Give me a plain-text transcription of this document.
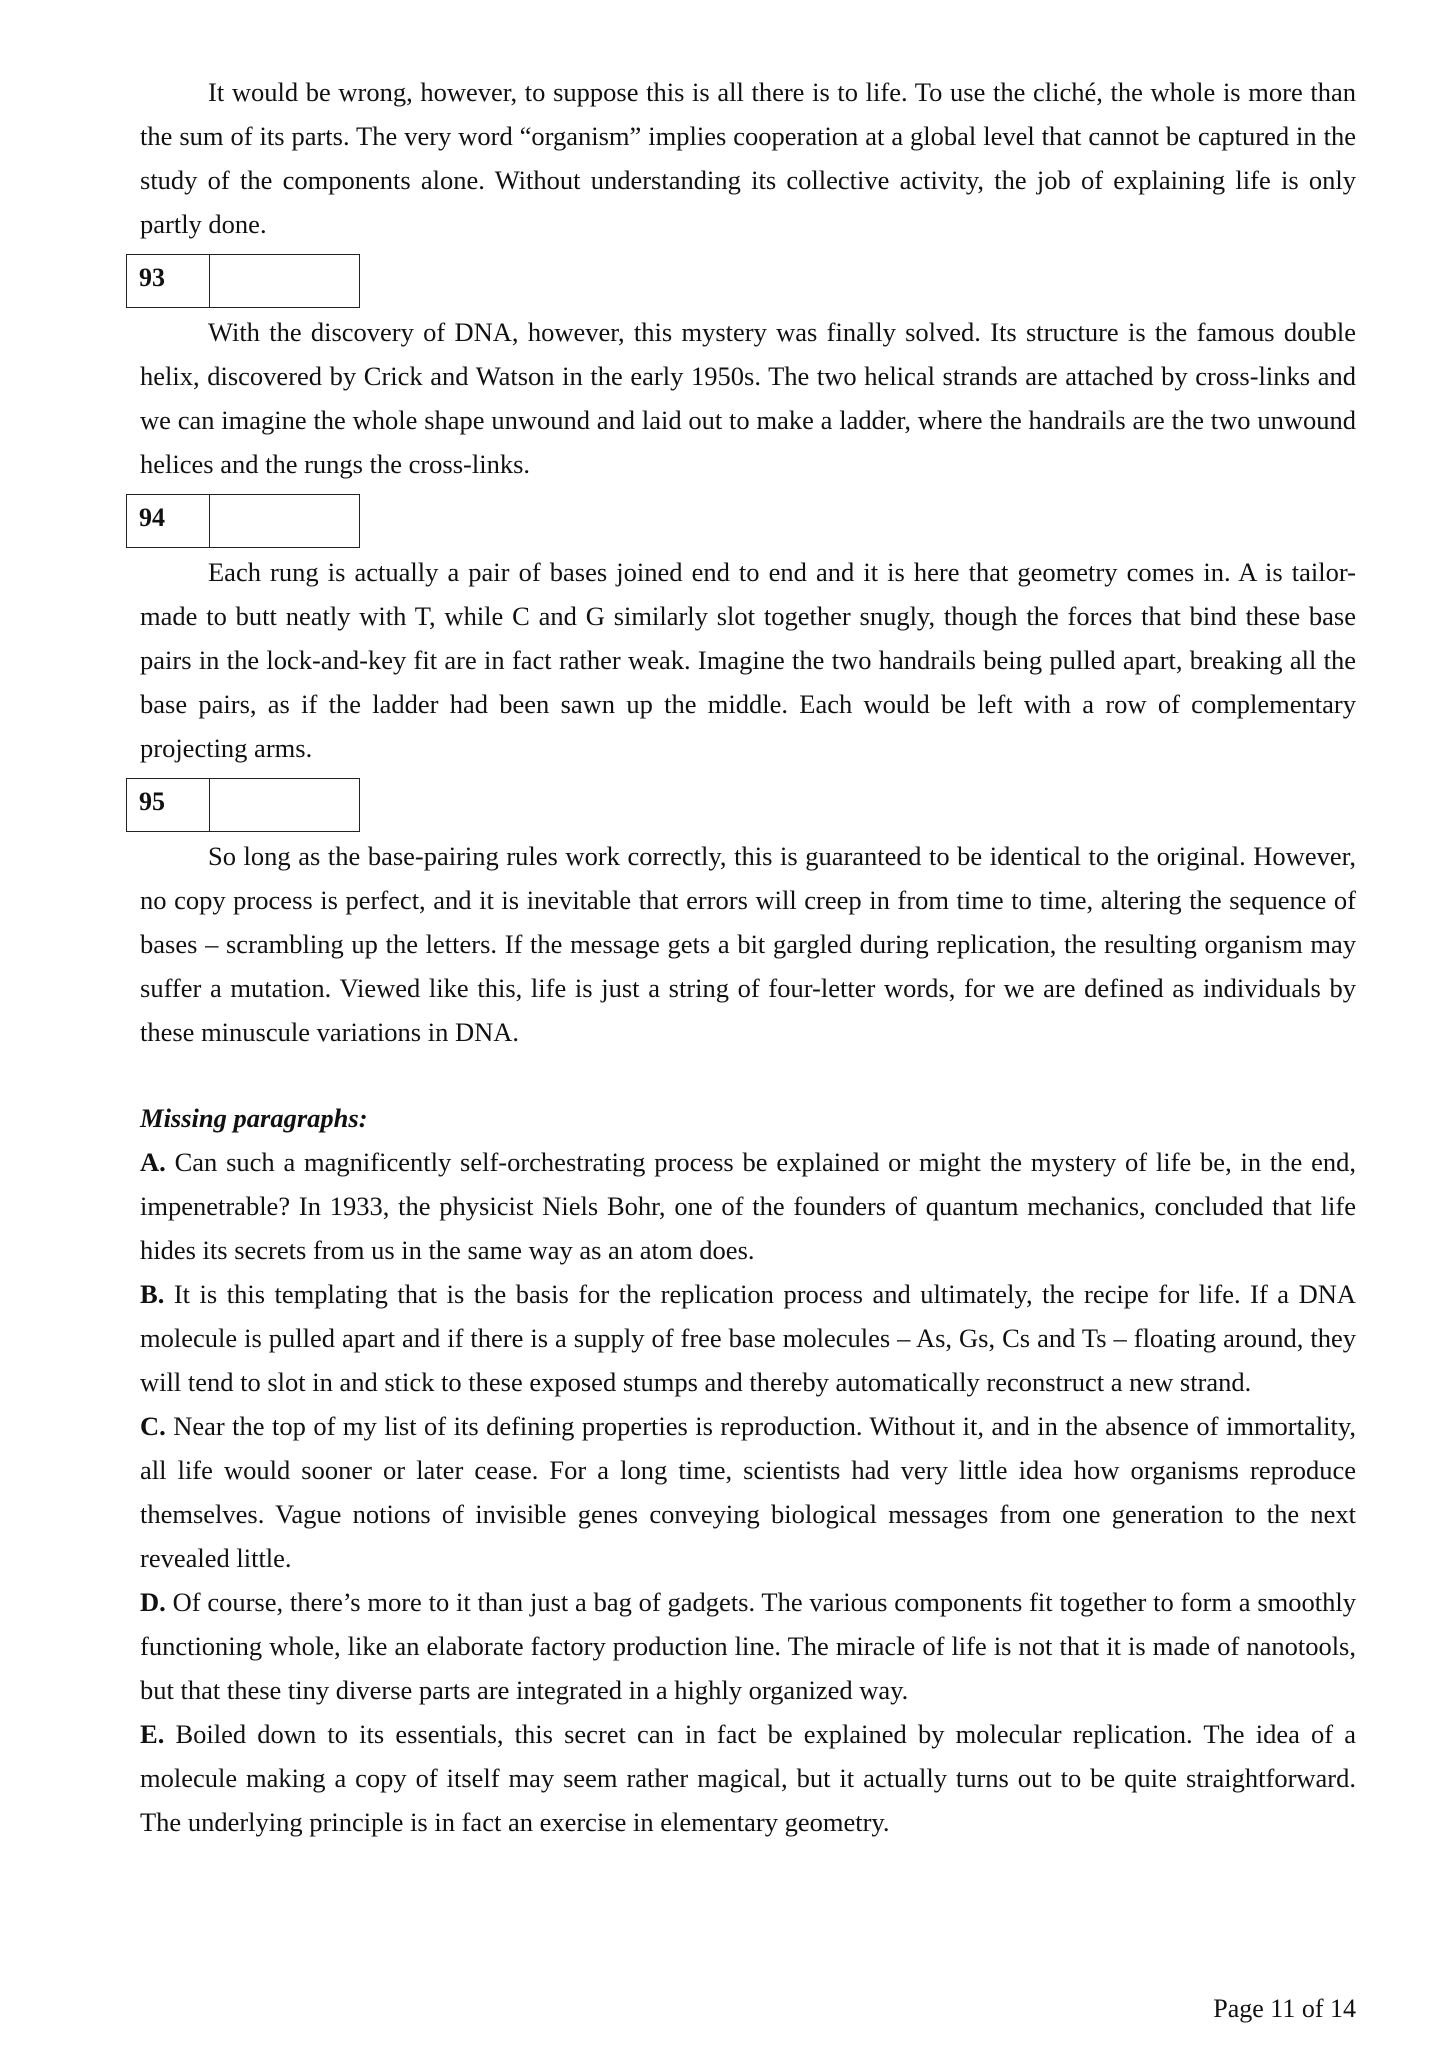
It would be wrong, however, to suppose this is all there is to life. To use the cliché, the whole is more than the sum of its parts. The very word “organism” implies cooperation at a global level that cannot be captured in the study of the components alone. Without understanding its collective activity, the job of explaining life is only partly done.

93

With the discovery of DNA, however, this mystery was finally solved. Its structure is the famous double helix, discovered by Crick and Watson in the early 1950s. The two helical strands are attached by cross-links and we can imagine the whole shape unwound and laid out to make a ladder, where the handrails are the two unwound helices and the rungs the cross-links.

94

Each rung is actually a pair of bases joined end to end and it is here that geometry comes in. A is tailor-made to butt neatly with T, while C and G similarly slot together snugly, though the forces that bind these base pairs in the lock-and-key fit are in fact rather weak. Imagine the two handrails being pulled apart, breaking all the base pairs, as if the ladder had been sawn up the middle. Each would be left with a row of complementary projecting arms.

95

So long as the base-pairing rules work correctly, this is guaranteed to be identical to the original. However, no copy process is perfect, and it is inevitable that errors will creep in from time to time, altering the sequence of bases – scrambling up the letters. If the message gets a bit gargled during replication, the resulting organism may suffer a mutation. Viewed like this, life is just a string of four-letter words, for we are defined as individuals by these minuscule variations in DNA.

Missing paragraphs:

A. Can such a magnificently self-orchestrating process be explained or might the mystery of life be, in the end, impenetrable? In 1933, the physicist Niels Bohr, one of the founders of quantum mechanics, concluded that life hides its secrets from us in the same way as an atom does.

B. It is this templating that is the basis for the replication process and ultimately, the recipe for life. If a DNA molecule is pulled apart and if there is a supply of free base molecules – As, Gs, Cs and Ts – floating around, they will tend to slot in and stick to these exposed stumps and thereby automatically reconstruct a new strand.

C. Near the top of my list of its defining properties is reproduction. Without it, and in the absence of immortality, all life would sooner or later cease. For a long time, scientists had very little idea how organisms reproduce themselves. Vague notions of invisible genes conveying biological messages from one generation to the next revealed little.

D. Of course, there’s more to it than just a bag of gadgets. The various components fit together to form a smoothly functioning whole, like an elaborate factory production line. The miracle of life is not that it is made of nanotools, but that these tiny diverse parts are integrated in a highly organized way.

E. Boiled down to its essentials, this secret can in fact be explained by molecular replication. The idea of a molecule making a copy of itself may seem rather magical, but it actually turns out to be quite straightforward. The underlying principle is in fact an exercise in elementary geometry.

Page 11 of 14
